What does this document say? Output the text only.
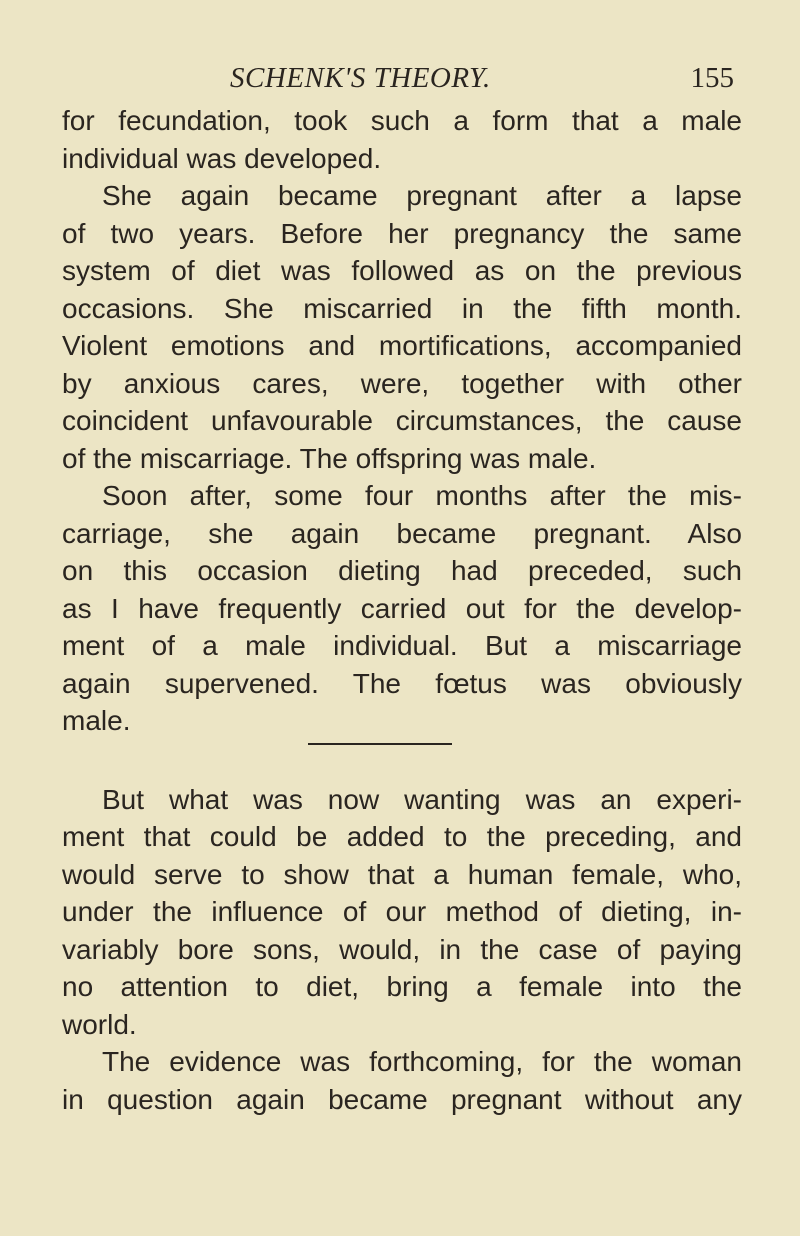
SCHENK'S THEORY.	155
for fecundation, took such a form that a male
individual was developed.
She again became pregnant after a lapse
of two years. Before her pregnancy the same
system of diet was followed as on the previous
occasions. She miscarried in the fifth month.
Violent emotions and mortifications, accompanied
by anxious cares, were, together with other
coincident unfavourable circumstances, the cause
of the miscarriage. The offspring was male.
Soon after, some four months after the mis-
carriage, she again became pregnant. Also
on this occasion dieting had preceded, such
as I have frequently carried out for the develop-
ment of a male individual. But a miscarriage
again supervened. The fœtus was obviously
male.
But what was now wanting was an experi-
ment that could be added to the preceding, and
would serve to show that a human female, who,
under the influence of our method of dieting, in-
variably bore sons, would, in the case of paying
no attention to diet, bring a female into the
world.
The evidence was forthcoming, for the woman
in question again became pregnant without any
